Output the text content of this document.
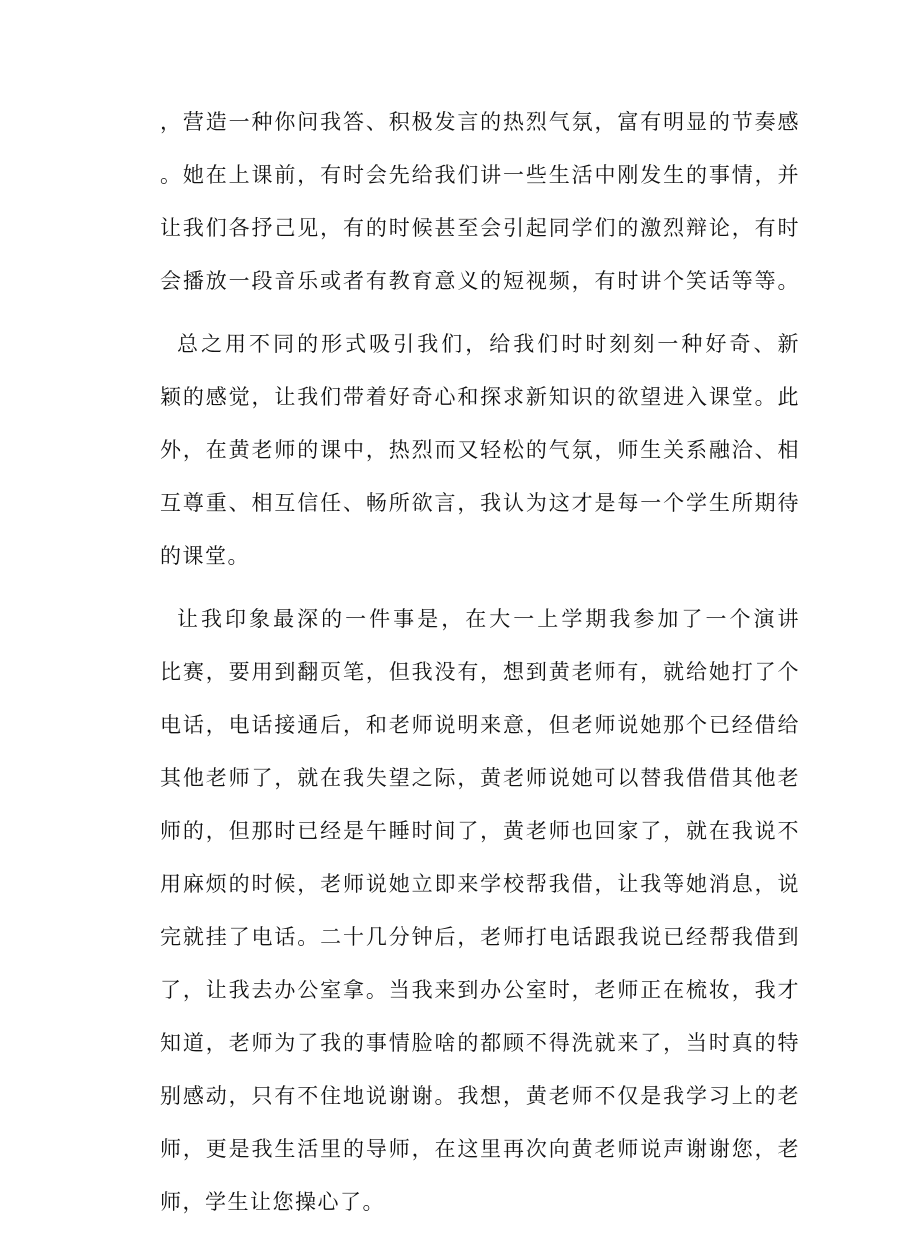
，营造一种你问我答、积极发言的热烈气氛，富有明显的节奏感
。她在上课前，有时会先给我们讲一些生活中刚发生的事情，并
让我们各抒己见，有的时候甚至会引起同学们的激烈辩论，有时
会播放一段音乐或者有教育意义的短视频，有时讲个笑话等等。
总之用不同的形式吸引我们，给我们时时刻刻一种好奇、新
颖的感觉，让我们带着好奇心和探求新知识的欲望进入课堂。此
外，在黄老师的课中，热烈而又轻松的气氛，师生关系融洽、相
互尊重、相互信任、畅所欲言，我认为这才是每一个学生所期待
的课堂。
让我印象最深的一件事是，在大一上学期我参加了一个演讲
比赛，要用到翻页笔，但我没有，想到黄老师有，就给她打了个
电话，电话接通后，和老师说明来意，但老师说她那个已经借给
其他老师了，就在我失望之际，黄老师说她可以替我借借其他老
师的，但那时已经是午睡时间了，黄老师也回家了，就在我说不
用麻烦的时候，老师说她立即来学校帮我借，让我等她消息，说
完就挂了电话。二十几分钟后，老师打电话跟我说已经帮我借到
了，让我去办公室拿。当我来到办公室时，老师正在梳妆，我才
知道，老师为了我的事情脸啥的都顾不得洗就来了，当时真的特
别感动，只有不住地说谢谢。我想，黄老师不仅是我学习上的老
师，更是我生活里的导师，在这里再次向黄老师说声谢谢您，老
师，学生让您操心了。
